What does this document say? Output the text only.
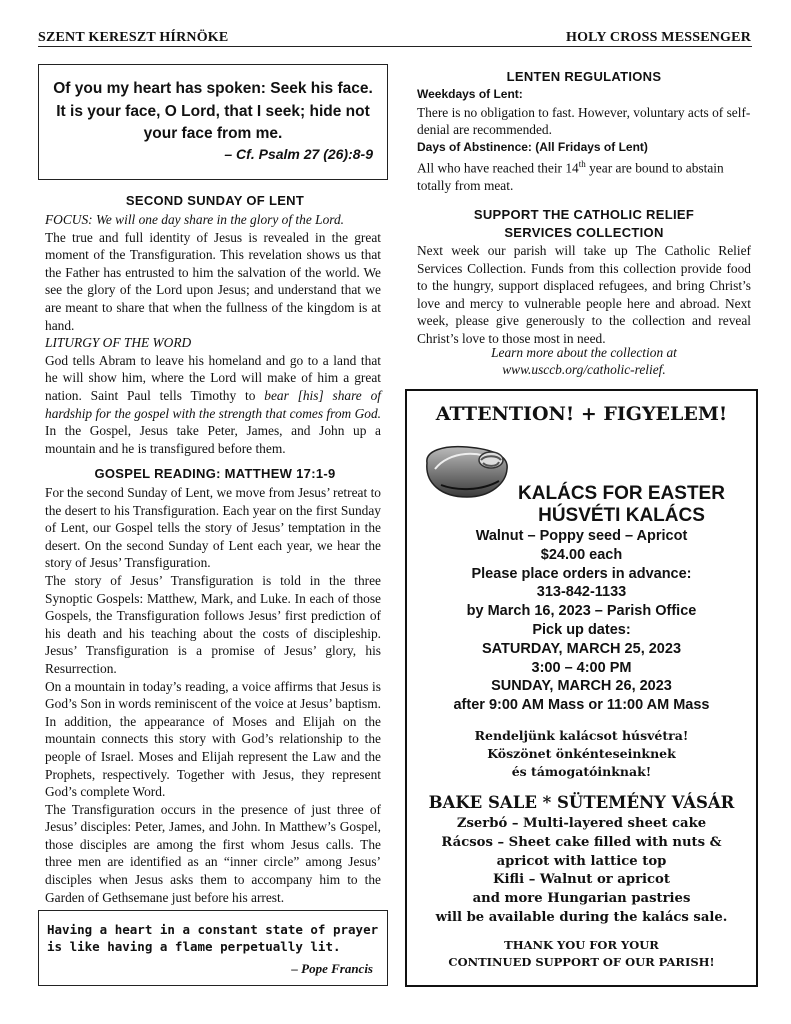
SZENT KERESZT HÍRNÖKE	HOLY CROSS MESSENGER
Of you my heart has spoken: Seek his face. It is your face, O Lord, that I seek; hide not your face from me.
– Cf. Psalm 27 (26):8-9
SECOND SUNDAY OF LENT

FOCUS: We will one day share in the glory of the Lord.

The true and full identity of Jesus is revealed in the great moment of the Transfiguration. This revelation shows us that the Father has entrusted to him the salvation of the world. We see the glory of the Lord upon Jesus; and understand that we are meant to share that when the fullness of the kingdom is at hand.

LITURGY OF THE WORD

God tells Abram to leave his homeland and go to a land that he will show him, where the Lord will make of him a great nation. Saint Paul tells Timothy to bear [his] share of hardship for the gospel with the strength that comes from God. In the Gospel, Jesus take Peter, James, and John up a mountain and he is transfigured before them.

GOSPEL READING: MATTHEW 17:1-9

For the second Sunday of Lent, we move from Jesus’ retreat to the desert to his Transfiguration. Each year on the first Sunday of Lent, our Gospel tells the story of Jesus’ temptation in the desert. On the second Sunday of Lent each year, we hear the story of Jesus’ Transfiguration.

The story of Jesus’ Transfiguration is told in the three Synoptic Gospels: Matthew, Mark, and Luke. In each of those Gospels, the Transfiguration follows Jesus’ first prediction of his death and his teaching about the costs of discipleship. Jesus’ Transfiguration is a promise of Jesus’ glory, his Resurrection.

On a mountain in today’s reading, a voice affirms that Jesus is God’s Son in words reminiscent of the voice at Jesus’ baptism. In addition, the appearance of Moses and Elijah on the mountain connects this story with God’s relationship to the people of Israel. Moses and Elijah represent the Law and the Prophets, respectively. Together with Jesus, they represent God’s complete Word.

The Transfiguration occurs in the presence of just three of Jesus’ disciples: Peter, James, and John. In Matthew’s Gospel, those disciples are among the first whom Jesus calls. The three men are identified as an “inner circle” among Jesus’ disciples when Jesus asks them to accompany him to the Garden of Gethsemane just before his arrest.

Having a heart in a constant state of prayer is like having a flame perpetually lit.
– Pope Francis
LENTEN REGULATIONS

Weekdays of Lent:

There is no obligation to fast. However, voluntary acts of self-denial are recommended.

Days of Abstinence: (All Fridays of Lent)

All who have reached their 14th year are bound to abstain totally from meat.

SUPPORT THE CATHOLIC RELIEF
SERVICES COLLECTION
Next week our parish will take up The Catholic Relief Services Collection. Funds from this collection provide food to the hungry, support displaced refugees, and bring Christ’s love and mercy to vulnerable people here and abroad. Next week, please give generously to the collection and reveal Christ’s love to those most in need.
Learn more about the collection at
www.usccb.org/catholic-relief.
ATTENTION! + FIGYELEM!
KALÁCS FOR EASTER
HÚSVÉTI KALÁCS
Walnut – Poppy seed – Apricot
$24.00 each
Please place orders in advance:
313-842-1133
by March 16, 2023 – Parish Office
Pick up dates:
SATURDAY, MARCH 25, 2023
3:00 – 4:00 PM
SUNDAY, MARCH 26, 2023
after 9:00 AM Mass or 11:00 AM Mass
Rendeljünk kalácsot húsvétra!
Köszönet önkénteseinknek
és támogatóinknak!
BAKE SALE * SÜTEMÉNY VÁSÁR
Zserbó – Multi-layered sheet cake
Rácsos – Sheet cake filled with nuts &
apricot with lattice top
Kifli – Walnut or apricot
and more Hungarian pastries
will be available during the kalács sale.
THANK YOU FOR YOUR
CONTINUED SUPPORT OF OUR PARISH!
